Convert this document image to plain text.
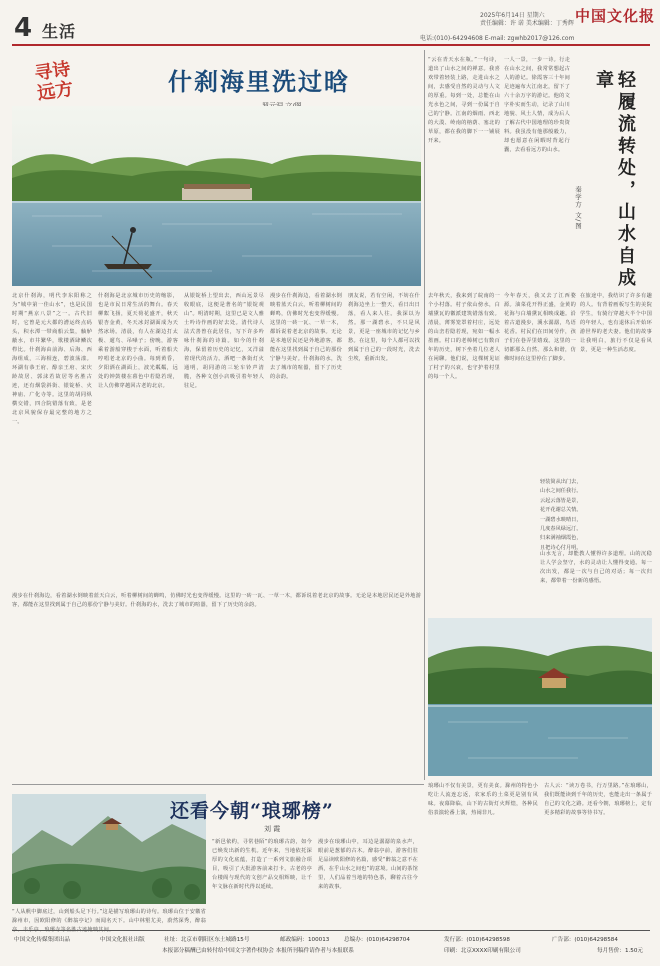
4 生活
2025年6月14日 星期六
责任编辑：许 诺 美术编辑：丁秀辉
电话:(010)-64294608 E-mail: zgwhb2017@126.com
中国文化报
寻诗远方	什刹海里洗过晗
北京什刹海，明代李东阳称之为“城中第一佳山水”，也是民国时期“燕京八景”之一。古代旧时，它曾是元大都的漕运终点码头，积水潭一带商船云集，舳舻蔽水，市井繁华，歌楼酒肆鳞次栉比。什刹海由前海、后海、西海组成，三海相连，碧波荡漾。环湖有恭王府、醇亲王府、宋庆龄故居、郭沫若故居等名胜古迹，还有烟袋斜街、银锭桥、火神庙、广化寺等。这里的胡同纵横交错，四合院错落有致，是老北京风貌保存最完整的地方之一。
什刹海是北京城市历史的缩影，也是市民日常生活的舞台。春天柳絮飞扬，夏天荷花盛开，秋天银杏金黄，冬天冰封湖面成为天然冰场。清晨，有人在湖边打太极、遛鸟、吊嗓子；傍晚，游客乘着游船穿梭于水面，听着船夫哼唱老北京的小曲。每到黄昏，夕阳洒在湖面上，波光粼粼，远处的钟鼓楼在暮色中若隐若现，让人仿佛穿越回古老的北京。
从银锭桥上望出去，西山远景尽收眼底，这便是著名的“银锭观山”。明清时期，这里已是文人雅士吟诗作画的好去处。清代诗人法式善曾在此居住，写下许多吟咏什刹海的诗篇。如今的什刹海，保留着历史的记忆，又洋溢着现代的活力。酒吧一条街灯火通明，胡同游的三轮车铃声清脆，各种文创小店吸引着年轻人驻足。
漫步在什刹海边，看着湖水倒映着蓝天白云，听着柳树间的蝉鸣，仿佛时光也变得缓慢。这里的一砖一瓦、一草一木，都诉说着老北京的故事。无论是本地居民还是外地游客，都能在这里找到属于自己的那份宁静与美好。什刹海的水，洗去了城市的喧嚣，留下了历史的余韵。
朋友说，若有空闲，不妨在什刹海边坐上一整天，看日出日落，看人来人往。我深以为然。那一湖碧水，不只是风景，更是一座城市的记忆与乡愁。在这里，每个人都可以找到属于自己的一段时光，洗去尘埃，重新出发。
漫步在什刹海边，看着湖水倒映着蓝天白云，听着柳树间的蝉鸣，仿佛时光也变得缓慢。这里的一砖一瓦、一草一木，都诉说着老北京的故事。无论是本地居民还是外地游客，都能在这里找到属于自己的那份宁静与美好。什刹海的水，洗去了城市的喧嚣，留下了历史的余韵。
“云在青天水在瓶。”一句诗，道出了山水之间的禅意。我喜欢带着轻装上路，走进山水之间，去感受自然的灵动与人文的厚重。每到一处，总能在山光水色之间，寻到一份属于自己的宁静。江南的烟雨、西北的大漠、岭南的榕荫、塞北的草原，都在我的脚下一一铺展开来。
一人一景，一步一诗。行走在山水之间，我常常想起古人的游记。徐霞客三十年间足迹遍布大江南北，留下了六十余万字的游记。他的文字朴实而生动，记录了山川地貌、风土人情，成为后人了解古代中国地理的珍贵资料。我虽没有他那般毅力，却也愿意在闲暇时背起行囊，去看看远方的山水。	轻履流转处，山水自成章
秦学方 文/图
去年秋天，我来到了皖南的一个小村落。村子依山傍水，白墙黛瓦的徽派建筑错落有致。清晨，薄雾笼罩着村庄，远处的山峦若隐若现，宛如一幅水墨画。村口的老樟树已有数百年的历史，树下坐着几位老人在闲聊。他们说，这棵树见证了村子的兴衰，也守护着村里的每一个人。
今年春天，我又去了江西婺源。油菜花开得正盛，金黄的花海与白墙黛瓦相映成趣。沿着古道漫步，溪水潺潺，鸟语花香。村民们在田间劳作，孩子们在巷弄里嬉戏。这里的一切都那么自然、那么和谐，仿佛时间在这里停住了脚步。
在旅途中，我结识了许多有趣的人。有背着画板写生的美院学生，有骑行穿越大半个中国的年轻人，也有退休后开始环游世界的老夫妻。他们的故事让我明白，旅行不仅是看风景，更是一种生活态度。
山水无言，却能教人懂得许多道理。山的沉稳让人学会坚守，水的灵动让人懂得变通。每一次出发，都是一次与自己的对话；每一次归来，都带着一份新的感悟。
轻装简从出门去，
山水之间任我行。
云起云落皆是景，
花开花谢总关情。
一湖碧水映晴日，
几度春风绿远汀。
归来满袖烟霞色，
且把诗心付月明。
还看今朝“琅琊榜”
刘 霞
“人从帆中脚底过，山到船头足下行。”这是描写琅琊山的诗句。琅琊山位于安徽省滁州市，因欧阳修的《醉翁亭记》而闻名天下。山中林壑尤美，蔚然深秀，醉翁亭、丰乐亭、琅琊寺等名胜古迹掩映其间。
“新邑依约，寻常巷陌”的琅琊古韵，如今已焕发出新的生机。近年来，当地依托深厚的文化底蕴，打造了一系列文旅融合项目，吸引了大批游客前来打卡。古老的亭台楼阁与现代的文创产品交相辉映，让千年文脉在新时代得以延续。
漫步在琅琊山中，耳边是潺潺的泉水声，眼前是葱郁的古木。醉翁亭前，游客们驻足品读欧阳修的名篇，感受“醉翁之意不在酒，在乎山水之间也”的意境。山间的茶馆里，人们品着当地的特色茶，聊着古往今来的故事。
琅琊山不仅有美景，更有美食。滁州的特色小吃让人流连忘返，农家乐的土菜更是别有风味。夜幕降临，山下的古街灯火辉煌，各种民俗表演轮番上演，热闹非凡。
古人云：“读万卷书，行万里路。”在琅琊山，我们既能读到千年的历史，也能走出一条属于自己的文化之路。还看今朝，琅琊榜上，定有更多精彩的故事等待书写。
中国文化传媒集团出品	中国文化报社出版	社址：北京市朝阳区东土城路15号	邮政编码：100013	总编办：(010)64298704	发行部：(010)64298598	广告部：(010)64298584
本报部分稿酬已由转付给中国文字著作权协会 本报所刊稿件请作者与本报联系	印刷：北京XXXX印刷有限公司	每月售价：1.50元
